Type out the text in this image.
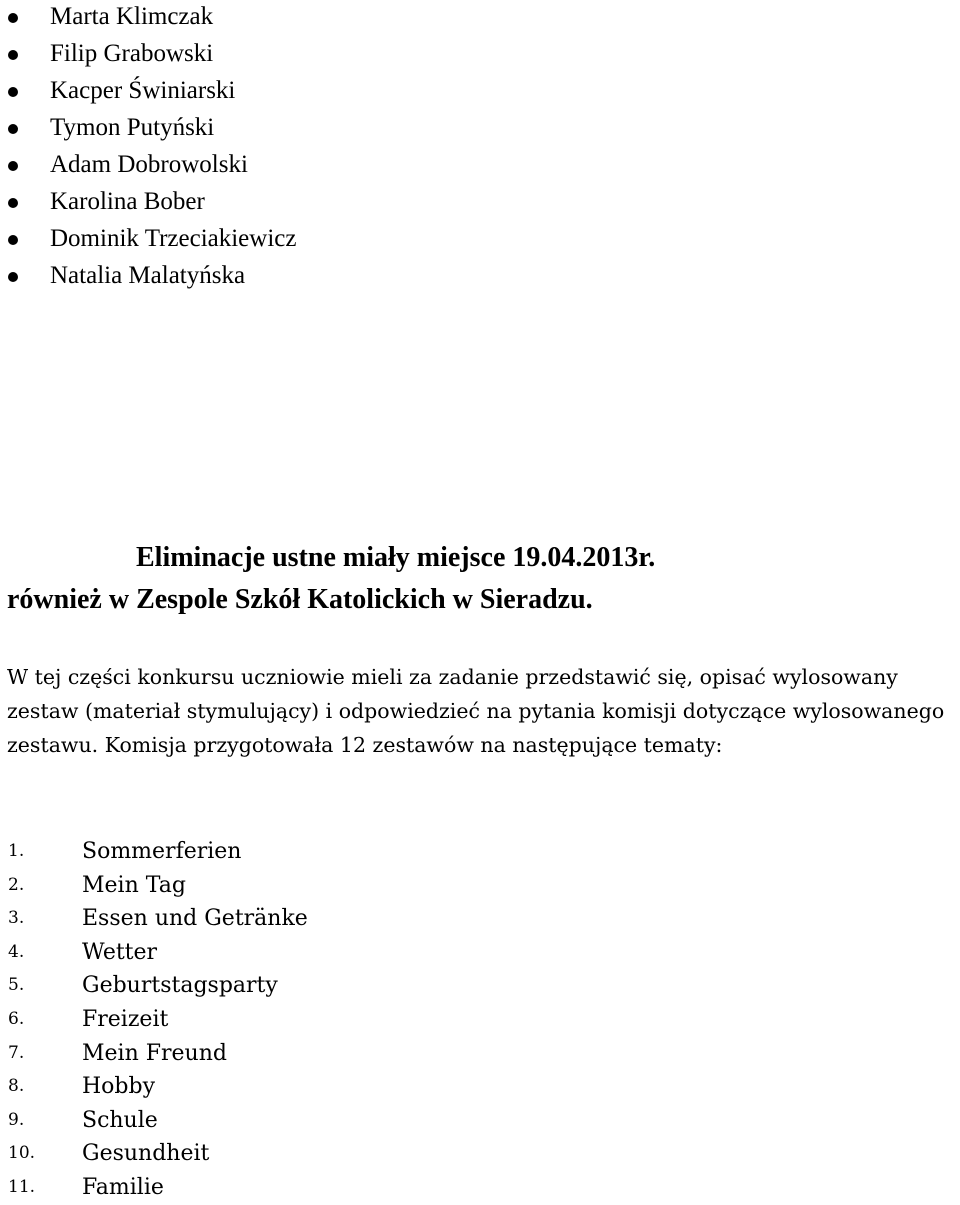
Marta Klimczak
Filip Grabowski
Kacper Świniarski
Tymon Putyński
Adam Dobrowolski
Karolina Bober
Dominik Trzeciakiewicz
Natalia Malatyńska
Eliminacje ustne miały miejsce 19.04.2013r.
również w Zespole Szkół Katolickich w Sieradzu.

W tej części konkursu uczniowie mieli za zadanie przedstawić się, opisać wylosowany zestaw (materiał stymulujący) i odpowiedzieć na pytania komisji dotyczące wylosowanego zestawu. Komisja przygotowała 12 zestawów na następujące tematy:

1.	Sommerferien
2.	Mein Tag
3.	Essen und Getränke
4.	Wetter
5.	Geburtstagsparty
6.	Freizeit
7.	Mein Freund
8.	Hobby
9.	Schule
10. Gesundheit
11. Familie
